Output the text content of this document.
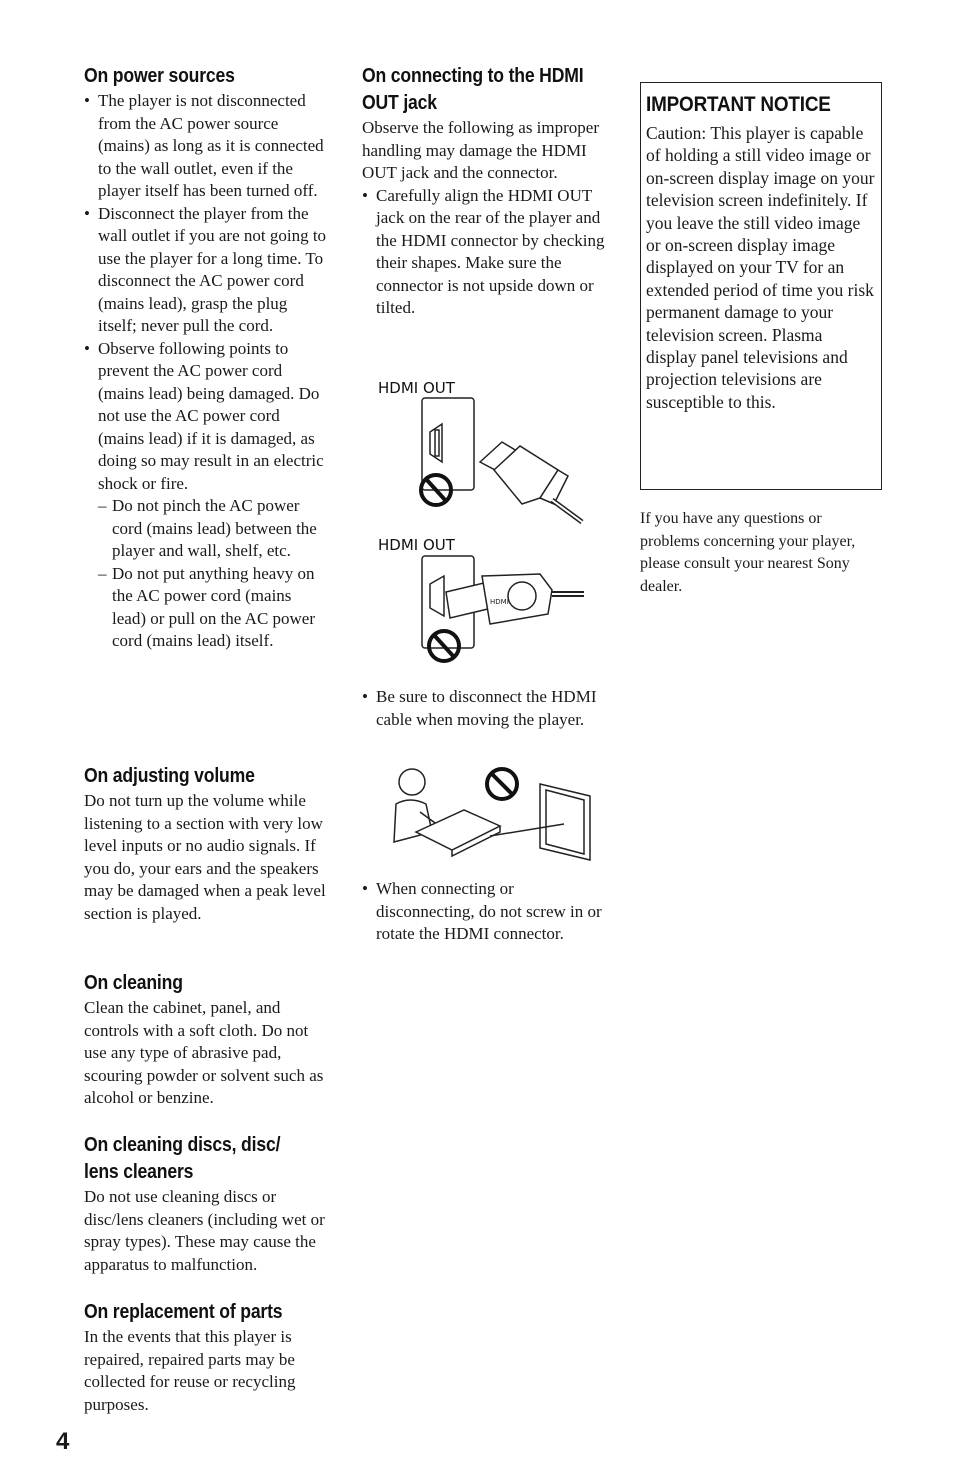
On power sources
• The player is not disconnected from the AC power source (mains) as long as it is connected to the wall outlet, even if the player itself has been turned off.
• Disconnect the player from the wall outlet if you are not going to use the player for a long time. To disconnect the AC power cord (mains lead), grasp the plug itself; never pull the cord.
• Observe following points to prevent the AC power cord (mains lead) being damaged. Do not use the AC power cord (mains lead) if it is damaged, as doing so may result in an electric shock or fire.
– Do not pinch the AC power cord (mains lead) between the player and wall, shelf, etc.
– Do not put anything heavy on the AC power cord (mains lead) or pull on the AC power cord (mains lead) itself.
On adjusting volume

Do not turn up the volume while listening to a section with very low level inputs or no audio signals. If you do, your ears and the speakers may be damaged when a peak level section is played.

On cleaning

Clean the cabinet, panel, and controls with a soft cloth. Do not use any type of abrasive pad, scouring powder or solvent such as alcohol or benzine.

On cleaning discs, disc/
lens cleaners

Do not use cleaning discs or disc/lens cleaners (including wet or spray types). These may cause the apparatus to malfunction.

On replacement of parts

In the events that this player is repaired, repaired parts may be collected for reuse or recycling purposes.

On connecting to the HDMI
OUT jack

Observe the following as improper handling may damage the HDMI OUT jack and the connector.

• Carefully align the HDMI OUT jack on the rear of the player and the HDMI connector by checking their shapes. Make sure the connector is not upside down or tilted.
HDMI OUT
HDMI OUT
HDMI
• Be sure to disconnect the HDMI cable when moving the player.
• When connecting or disconnecting, do not screw in or rotate the HDMI connector.
IMPORTANT NOTICE

Caution: This player is capable of holding a still video image or on-screen display image on your television screen indefinitely. If you leave the still video image or on-screen display image displayed on your TV for an extended period of time you risk permanent damage to your television screen. Plasma display panel televisions and projection televisions are susceptible to this.

If you have any questions or problems concerning your player, please consult your nearest Sony dealer.

4
